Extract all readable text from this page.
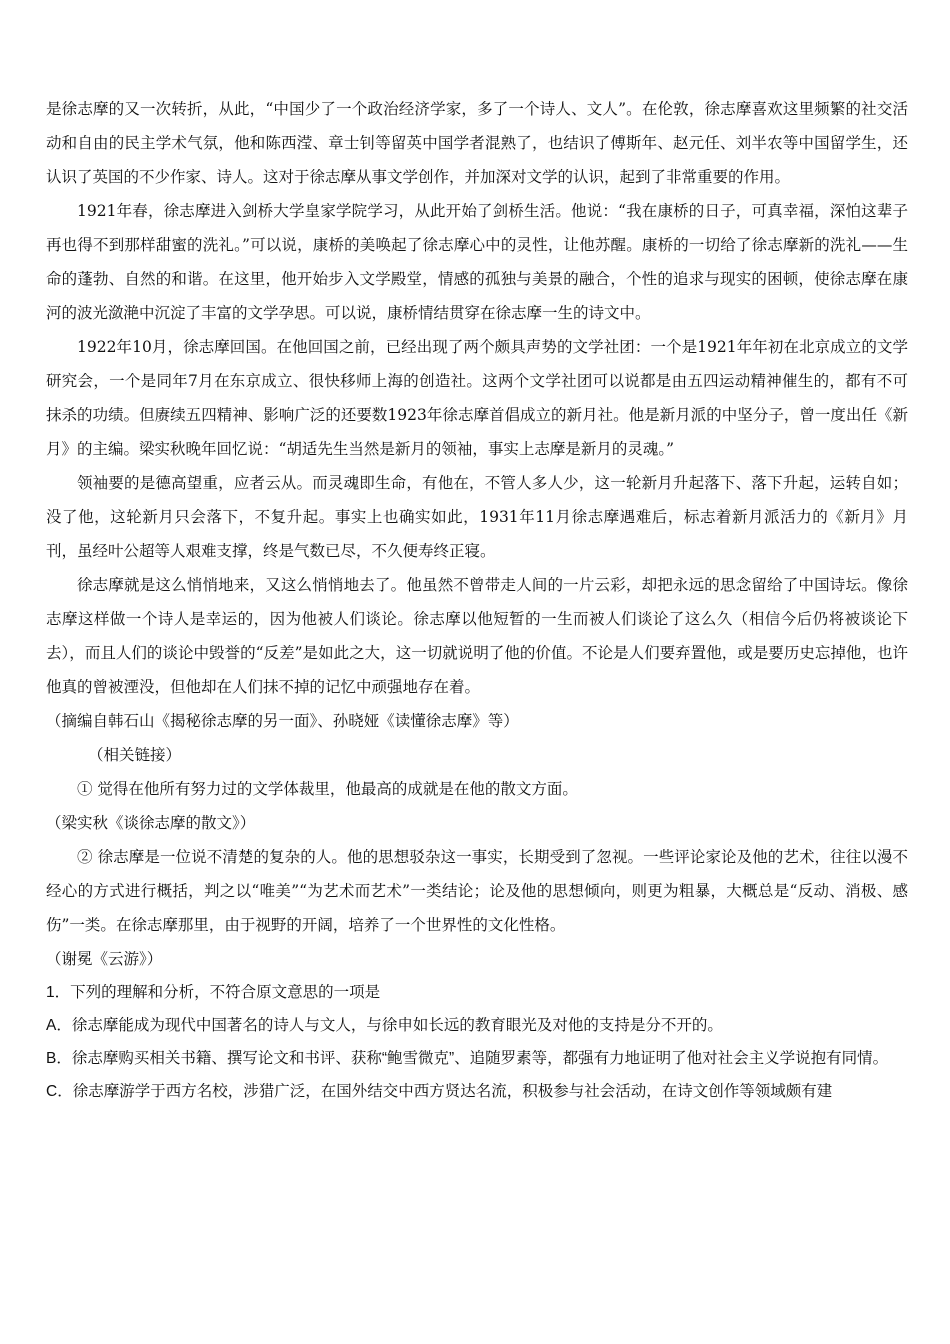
是徐志摩的又一次转折，从此，“中国少了一个政治经济学家，多了一个诗人、文人”。在伦敦，徐志摩喜欢这里频繁的社交活动和自由的民主学术气氛，他和陈西滢、章士钊等留英中国学者混熟了，也结识了傅斯年、赵元任、刘半农等中国留学生，还认识了英国的不少作家、诗人。这对于徐志摩从事文学创作，并加深对文学的认识，起到了非常重要的作用。

1921年春，徐志摩进入剑桥大学皇家学院学习，从此开始了剑桥生活。他说：“我在康桥的日子，可真幸福，深怕这辈子再也得不到那样甜蜜的洗礼。”可以说，康桥的美唤起了徐志摩心中的灵性，让他苏醒。康桥的一切给了徐志摩新的洗礼——生命的蓬勃、自然的和谐。在这里，他开始步入文学殿堂，情感的孤独与美景的融合，个性的追求与现实的困顿，使徐志摩在康河的波光潋滟中沉淀了丰富的文学孕思。可以说，康桥情结贯穿在徐志摩一生的诗文中。

1922年10月，徐志摩回国。在他回国之前，已经出现了两个颇具声势的文学社团：一个是1921年年初在北京成立的文学研究会，一个是同年7月在东京成立、很快移师上海的创造社。这两个文学社团可以说都是由五四运动精神催生的，都有不可抹杀的功绩。但赓续五四精神、影响广泛的还要数1923年徐志摩首倡成立的新月社。他是新月派的中坚分子，曾一度出任《新月》的主编。梁实秋晚年回忆说：“胡适先生当然是新月的领袖，事实上志摩是新月的灵魂。”

领袖要的是德高望重，应者云从。而灵魂即生命，有他在，不管人多人少，这一轮新月升起落下、落下升起，运转自如；没了他，这轮新月只会落下，不复升起。事实上也确实如此，1931年11月徐志摩遇难后，标志着新月派活力的《新月》月刊，虽经叶公超等人艰难支撑，终是气数已尽，不久便寿终正寝。

徐志摩就是这么悄悄地来，又这么悄悄地去了。他虽然不曾带走人间的一片云彩，却把永远的思念留给了中国诗坛。像徐志摩这样做一个诗人是幸运的，因为他被人们谈论。徐志摩以他短暂的一生而被人们谈论了这么久（相信今后仍将被谈论下去），而且人们的谈论中毁誉的“反差”是如此之大，这一切就说明了他的价值。不论是人们要弃置他，或是要历史忘掉他，也许他真的曾被湮没，但他却在人们抹不掉的记忆中顽强地存在着。

（摘编自韩石山《揭秘徐志摩的另一面》、孙晓娅《读懂徐志摩》等）

（相关链接）

① 觉得在他所有努力过的文学体裁里，他最高的成就是在他的散文方面。

（梁实秋《谈徐志摩的散文》）

② 徐志摩是一位说不清楚的复杂的人。他的思想驳杂这一事实，长期受到了忽视。一些评论家论及他的艺术，往往以漫不经心的方式进行概括，判之以“唯美”“为艺术而艺术”一类结论；论及他的思想倾向，则更为粗暴，大概总是“反动、消极、感伤”一类。在徐志摩那里，由于视野的开阔，培养了一个世界性的文化性格。

（谢冕《云游》）

1．下列的理解和分析，不符合原文意思的一项是

A．徐志摩能成为现代中国著名的诗人与文人，与徐申如长远的教育眼光及对他的支持是分不开的。

B．徐志摩购买相关书籍、撰写论文和书评、获称“鲍雪微克”、追随罗素等，都强有力地证明了他对社会主义学说抱有同情。

C．徐志摩游学于西方名校，涉猎广泛，在国外结交中西方贤达名流，积极参与社会活动，在诗文创作等领域颇有建
